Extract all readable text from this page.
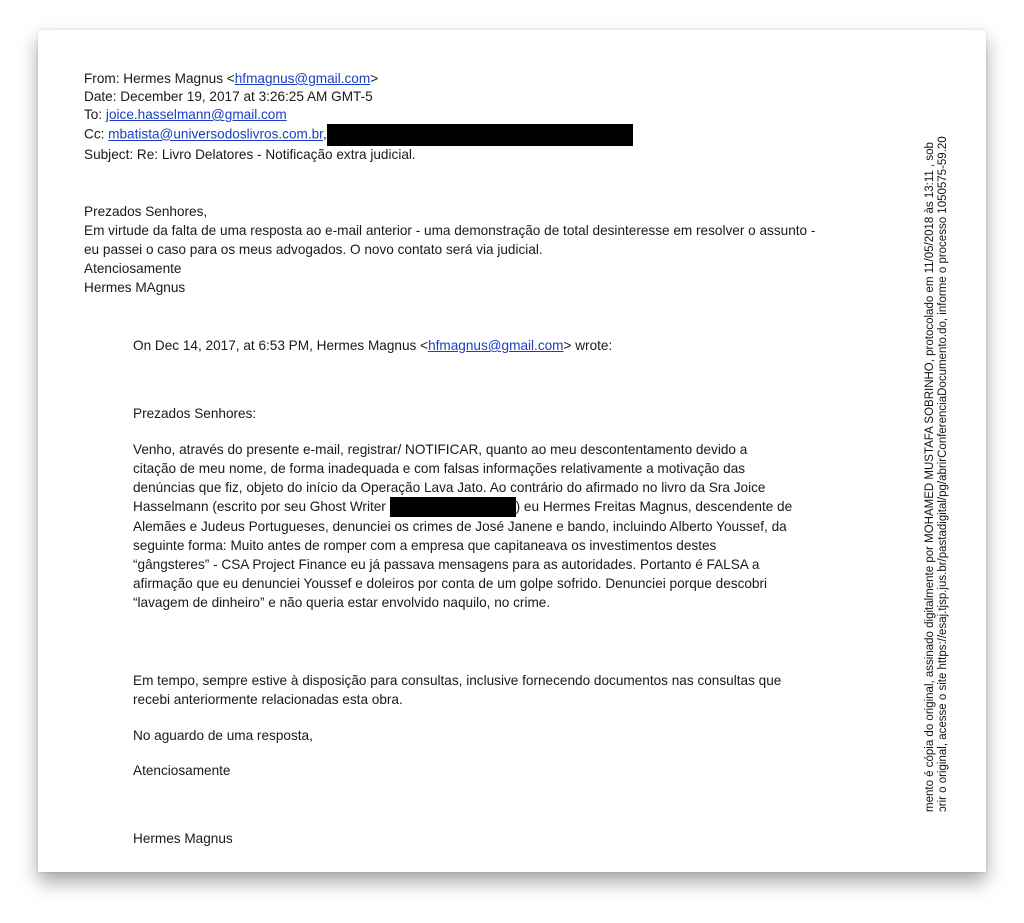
From: Hermes Magnus <hfmagnus@gmail.com>
Date: December 19, 2017 at 3:26:25 AM GMT-5
To: joice.hasselmann@gmail.com
Cc: mbatista@universodoslivros.com.br,
Subject: Re: Livro Delatores - Notificação extra judicial.
Prezados Senhores,
Em virtude da falta de uma resposta ao e-mail anterior - uma demonstração de total desinteresse em resolver o assunto -
eu passei o caso para os meus advogados. O novo contato será via judicial.
Atenciosamente
Hermes MAgnus
On Dec 14, 2017, at 6:53 PM, Hermes Magnus <hfmagnus@gmail.com> wrote:
Prezados Senhores:
Venho, através do presente e-mail, registrar/ NOTIFICAR, quanto ao meu descontentamento devido a
citação de meu nome, de forma inadequada e com falsas informações relativamente a motivação das
denúncias que fiz, objeto do início da Operação Lava Jato. Ao contrário do afirmado no livro da Sra Joice
Hasselmann (escrito por seu Ghost Writer	) eu Hermes Freitas Magnus, descendente de
Alemães e Judeus Portugueses, denunciei os crimes de José Janene e bando, incluindo Alberto Youssef, da
seguinte forma: Muito antes de romper com a empresa que capitaneava os investimentos destes
“gângsteres” - CSA Project Finance eu já passava mensagens para as autoridades. Portanto é FALSA a
afirmação que eu denunciei Youssef e doleiros por conta de um golpe sofrido. Denunciei porque descobri
“lavagem de dinheiro” e não queria estar envolvido naquilo, no crime.
Em tempo, sempre estive à disposição para consultas, inclusive fornecendo documentos nas consultas que
recebi anteriormente relacionadas esta obra.
No aguardo de uma resposta,
Atenciosamente
Hermes Magnus
mento é cópia do original, assinado digitalmente por MOHAMED MUSTAFA SOBRINHO, protocolado em 11/05/2018 às 13:11 , sob ɔrir o original, acesse o site https://esaj.tjsp.jus.br/pastadigital/pg/abrirConferenciaDocumento.do, informe o processo 1050575-59.20
